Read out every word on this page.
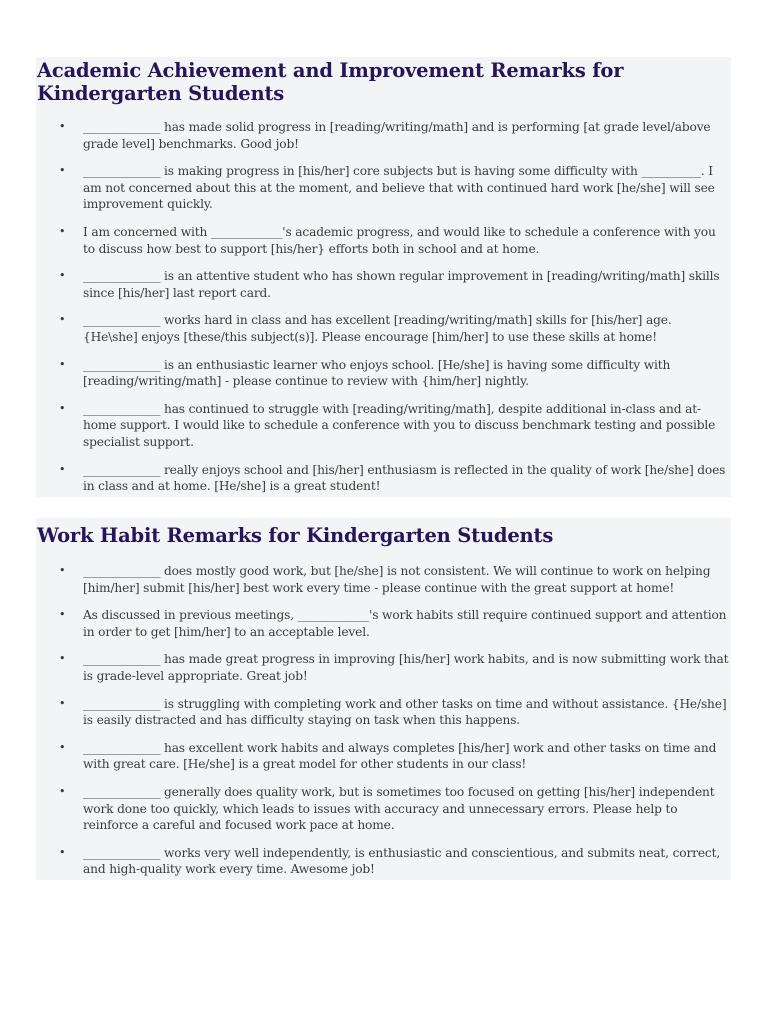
Academic Achievement and Improvement Remarks for Kindergarten Students
• _____________ has made solid progress in [reading/writing/math] and is performing [at grade level/above grade level] benchmarks. Good job!
• _____________ is making progress in [his/her] core subjects but is having some difficulty with __________. I am not concerned about this at the moment, and believe that with continued hard work [he/she] will see improvement quickly.
• I am concerned with ____________'s academic progress, and would like to schedule a conference with you to discuss how best to support [his/her} efforts both in school and at home.
• _____________ is an attentive student who has shown regular improvement in [reading/writing/math] skills since [his/her] last report card.
• _____________ works hard in class and has excellent [reading/writing/math] skills for [his/her] age. {He\she] enjoys [these/this subject(s)]. Please encourage [him/her] to use these skills at home!
• _____________ is an enthusiastic learner who enjoys school. [He/she] is having some difficulty with [reading/writing/math] - please continue to review with {him/her] nightly.
• _____________ has continued to struggle with [reading/writing/math], despite additional in-class and at-home support. I would like to schedule a conference with you to discuss benchmark testing and possible specialist support.
• _____________ really enjoys school and [his/her] enthusiasm is reflected in the quality of work [he/she] does in class and at home. [He/she] is a great student!
Work Habit Remarks for Kindergarten Students
• _____________ does mostly good work, but [he/she] is not consistent. We will continue to work on helping [him/her] submit [his/her] best work every time - please continue with the great support at home!
• As discussed in previous meetings, ____________'s work habits still require continued support and attention in order to get [him/her] to an acceptable level.
• _____________ has made great progress in improving [his/her] work habits, and is now submitting work that is grade-level appropriate. Great job!
• _____________ is struggling with completing work and other tasks on time and without assistance. {He/she] is easily distracted and has difficulty staying on task when this happens.
• _____________ has excellent work habits and always completes [his/her] work and other tasks on time and with great care. [He/she] is a great model for other students in our class!
• _____________ generally does quality work, but is sometimes too focused on getting [his/her] independent work done too quickly, which leads to issues with accuracy and unnecessary errors. Please help to reinforce a careful and focused work pace at home.
• _____________ works very well independently, is enthusiastic and conscientious, and submits neat, correct, and high-quality work every time. Awesome job!
